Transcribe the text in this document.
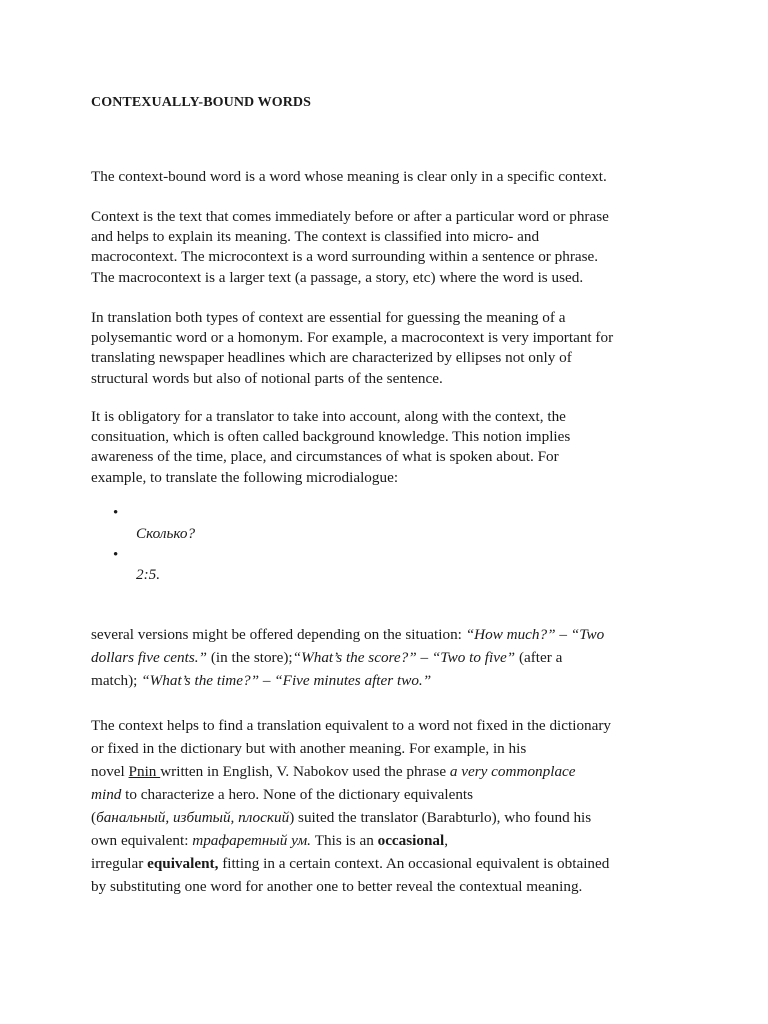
CONTEXUALLY-BOUND WORDS

The context-bound word is a word whose meaning is clear only in a specific context.

Context is the text that comes immediately before or after a particular word or phrase
and helps to explain its meaning. The context is classified into micro- and
macrocontext. The microcontext is a word surrounding within a sentence or phrase.
The macrocontext is a larger text (a passage, a story, etc) where the word is used.

In translation both types of context are essential for guessing the meaning of a
polysemantic word or a homonym. For example, a macrocontext is very important for
translating newspaper headlines which are characterized by ellipses not only of
structural words but also of notional parts of the sentence.

It is obligatory for a translator to take into account, along with the context, the
consituation, which is often called background knowledge. This notion implies
awareness of the time, place, and circumstances of what is spoken about. For
example, to translate the following microdialogue:

•
Сколько?
•
2:5.

several versions might be offered depending on the situation: “How much?” – “Two
dollars five cents.” (in the store);“What’s the score?” – “Two to five” (after a
match); “What’s the time?” – “Five minutes after two.”

The context helps to find a translation equivalent to a word not fixed in the dictionary
or fixed in the dictionary but with another meaning. For example, in his
novel Pnin written in English, V. Nabokov used the phrase a very commonplace
mind to characterize a hero. None of the dictionary equivalents
(банальный, избитый, плоский) suited the translator (Barabturlo), who found his
own equivalent: трафаретный ум. This is an occasional,
irregular equivalent, fitting in a certain context. An occasional equivalent is obtained
by substituting one word for another one to better reveal the contextual meaning.
